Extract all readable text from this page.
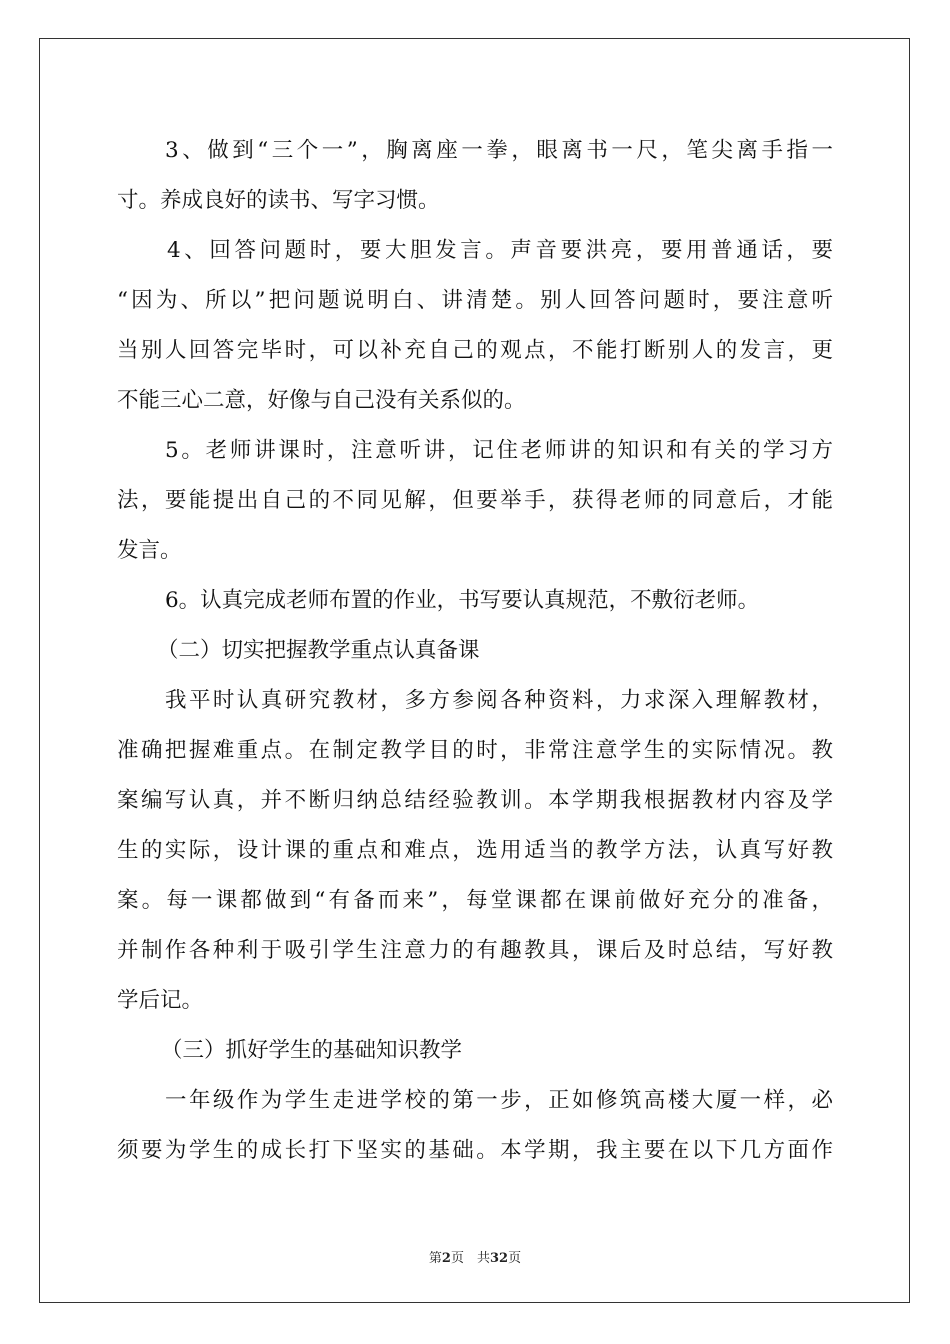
3、做到“三个一”，胸离座一拳，眼离书一尺，笔尖离手指一
寸。养成良好的读书、写字习惯。
4、回答问题时，要大胆发言。声音要洪亮，要用普通话，要
“因为、所以”把问题说明白、讲清楚。别人回答问题时，要注意听
当别人回答完毕时，可以补充自己的观点，不能打断别人的发言，更
不能三心二意，好像与自己没有关系似的。
5。老师讲课时，注意听讲，记住老师讲的知识和有关的学习方
法，要能提出自己的不同见解，但要举手，获得老师的同意后，才能
发言。
6。认真完成老师布置的作业，书写要认真规范，不敷衍老师。
（二）切实把握教学重点认真备课
我平时认真研究教材，多方参阅各种资料，力求深入理解教材，
准确把握难重点。在制定教学目的时，非常注意学生的实际情况。教
案编写认真，并不断归纳总结经验教训。本学期我根据教材内容及学
生的实际，设计课的重点和难点，选用适当的教学方法，认真写好教
案。每一课都做到“有备而来”，每堂课都在课前做好充分的准备，
并制作各种利于吸引学生注意力的有趣教具，课后及时总结，写好教
学后记。
（三）抓好学生的基础知识教学
一年级作为学生走进学校的第一步，正如修筑高楼大厦一样，必
须要为学生的成长打下坚实的基础。本学期，我主要在以下几方面作
第2页　共32页
